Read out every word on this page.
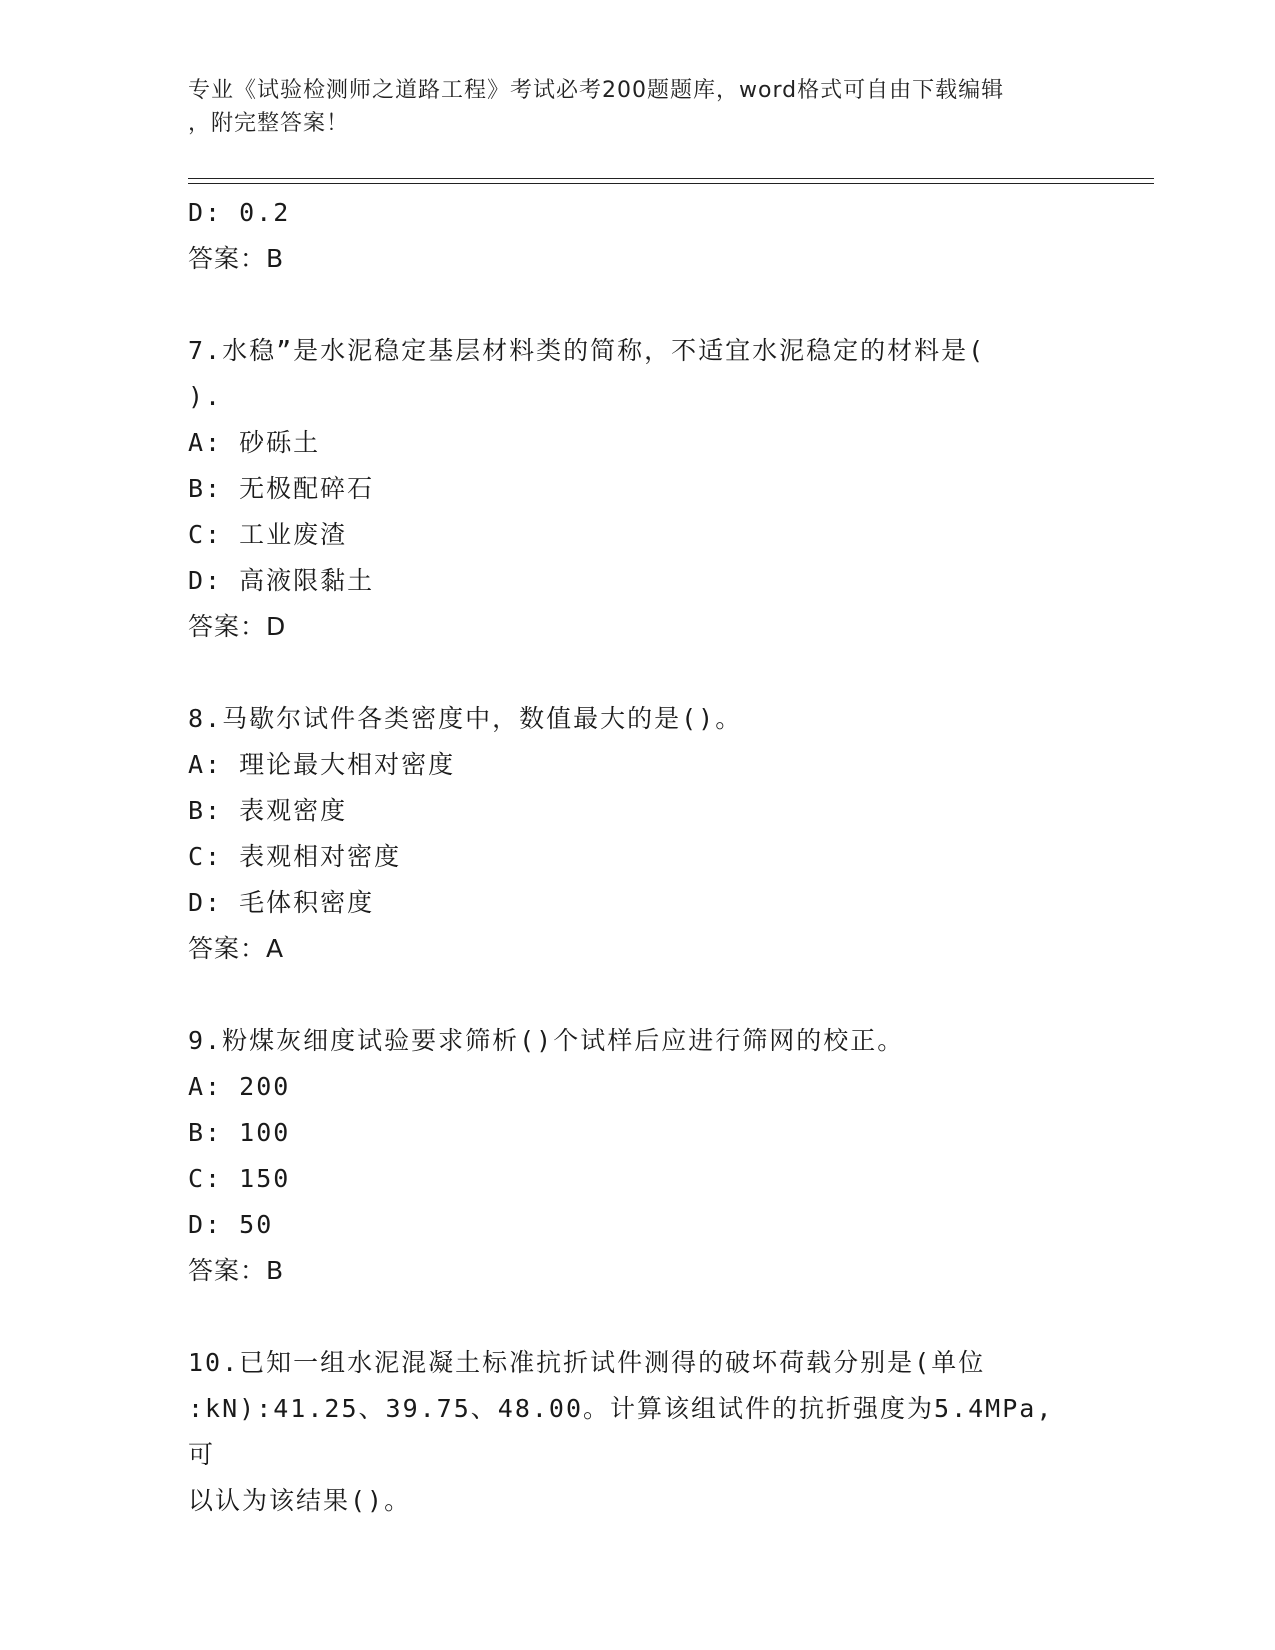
专业《试验检测师之道路工程》考试必考200题题库，word格式可自由下载编辑
，附完整答案！
D: 0.2
答案：B
7.水稳”是水泥稳定基层材料类的简称，不适宜水泥稳定的材料是(
).
A: 砂砾土
B: 无极配碎石
C: 工业废渣
D: 高液限黏土
答案：D
8.马歇尔试件各类密度中，数值最大的是()。
A: 理论最大相对密度
B: 表观密度
C: 表观相对密度
D: 毛体积密度
答案：A
9.粉煤灰细度试验要求筛析()个试样后应进行筛网的校正。
A: 200
B: 100
C: 150
D: 50
答案：B
10.已知一组水泥混凝土标准抗折试件测得的破坏荷载分别是(单位
:kN):41.25、39.75、48.00。计算该组试件的抗折强度为5.4MPa,可
以认为该结果()。
